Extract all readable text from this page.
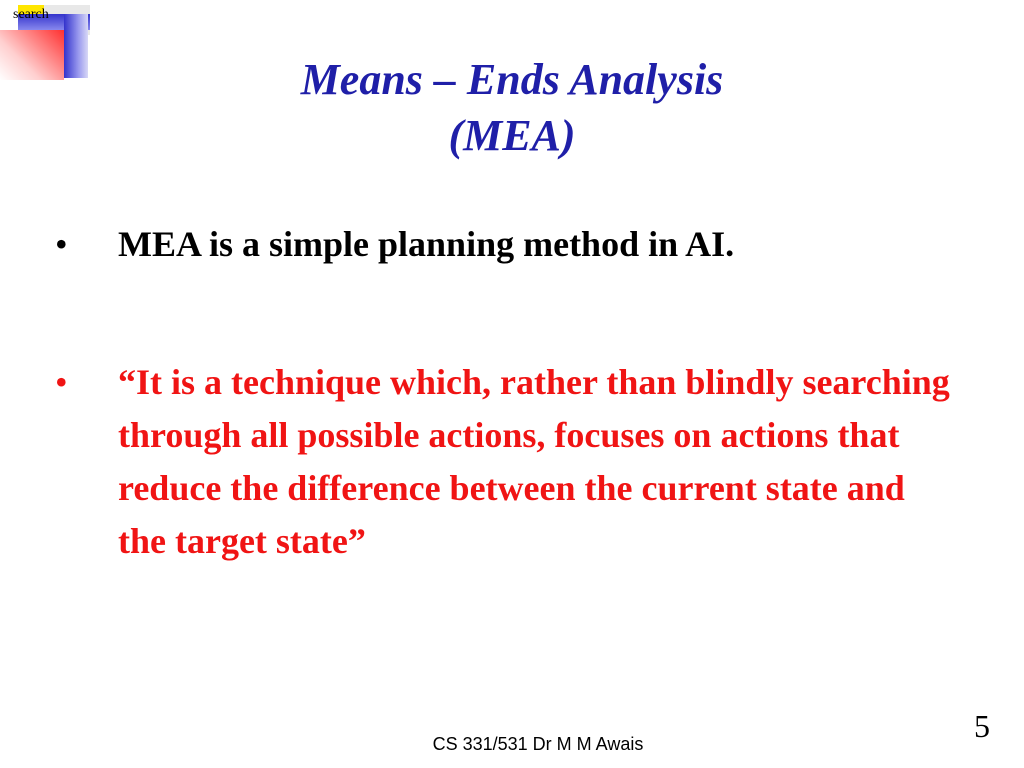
search
Means – Ends Analysis
(MEA)
• MEA is a simple planning method in AI.
• “It is a technique which, rather than blindly searching through all possible actions, focuses on actions that reduce the difference between the current state and the target state”
CS 331/531 Dr M M Awais	5
